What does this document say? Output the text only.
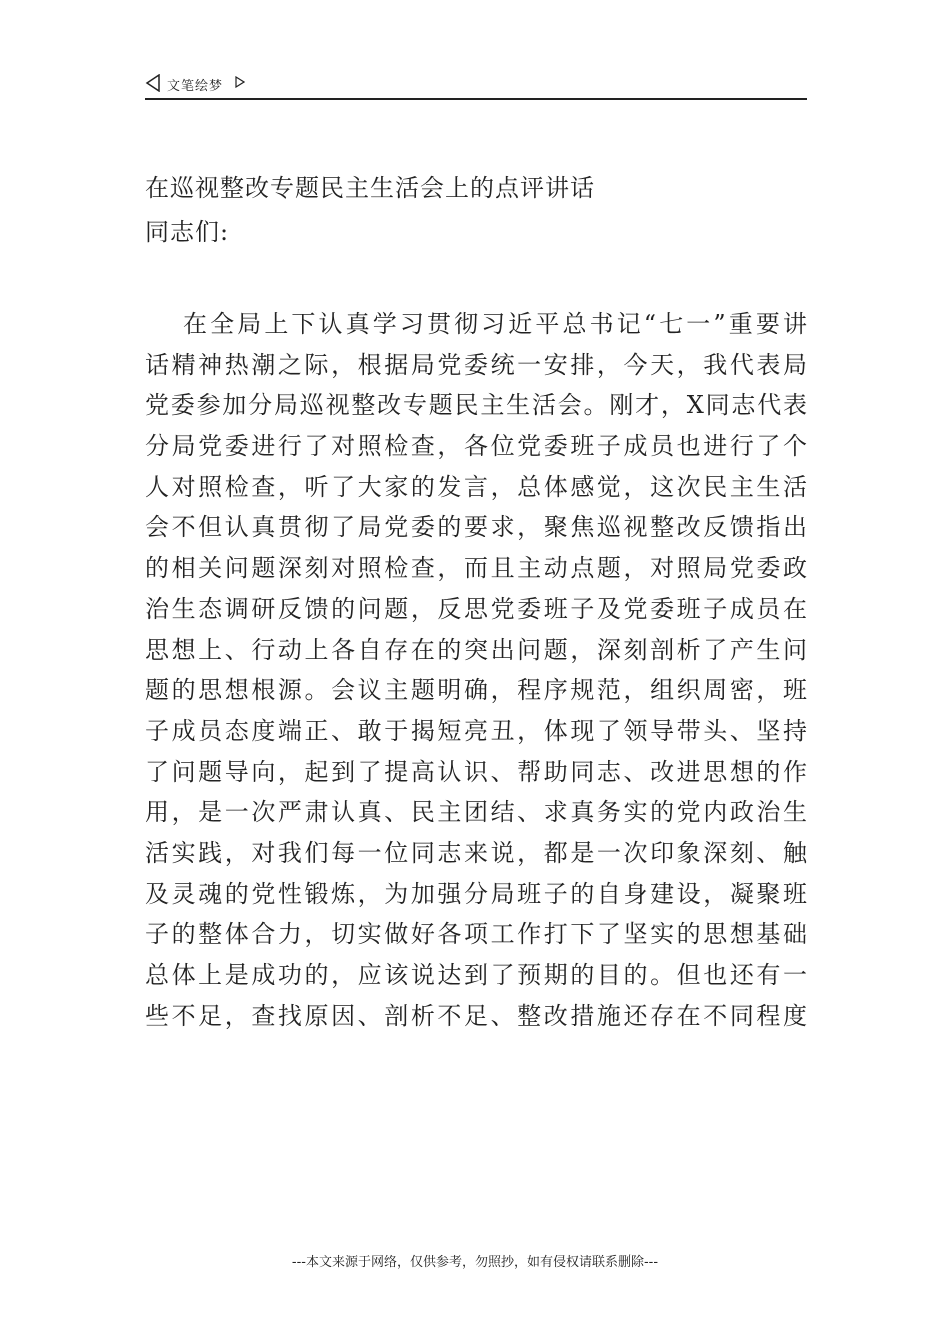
文笔绘梦
在巡视整改专题民主生活会上的点评讲话
同志们:
在全局上下认真学习贯彻习近平总书记“七一”重要讲
话精神热潮之际，根据局党委统一安排，今天，我代表局
党委参加分局巡视整改专题民主生活会。刚才，X同志代表
分局党委进行了对照检查，各位党委班子成员也进行了个
人对照检查，听了大家的发言，总体感觉，这次民主生活
会不但认真贯彻了局党委的要求，聚焦巡视整改反馈指出
的相关问题深刻对照检查，而且主动点题，对照局党委政
治生态调研反馈的问题，反思党委班子及党委班子成员在
思想上、行动上各自存在的突出问题，深刻剖析了产生问
题的思想根源。会议主题明确，程序规范，组织周密，班
子成员态度端正、敢于揭短亮丑，体现了领导带头、坚持
了问题导向，起到了提高认识、帮助同志、改进思想的作
用，是一次严肃认真、民主团结、求真务实的党内政治生
活实践，对我们每一位同志来说，都是一次印象深刻、触
及灵魂的党性锻炼，为加强分局班子的自身建设，凝聚班
子的整体合力，切实做好各项工作打下了坚实的思想基础
总体上是成功的，应该说达到了预期的目的。但也还有一
些不足，查找原因、剖析不足、整改措施还存在不同程度
---本文来源于网络，仅供参考，勿照抄，如有侵权请联系删除---
